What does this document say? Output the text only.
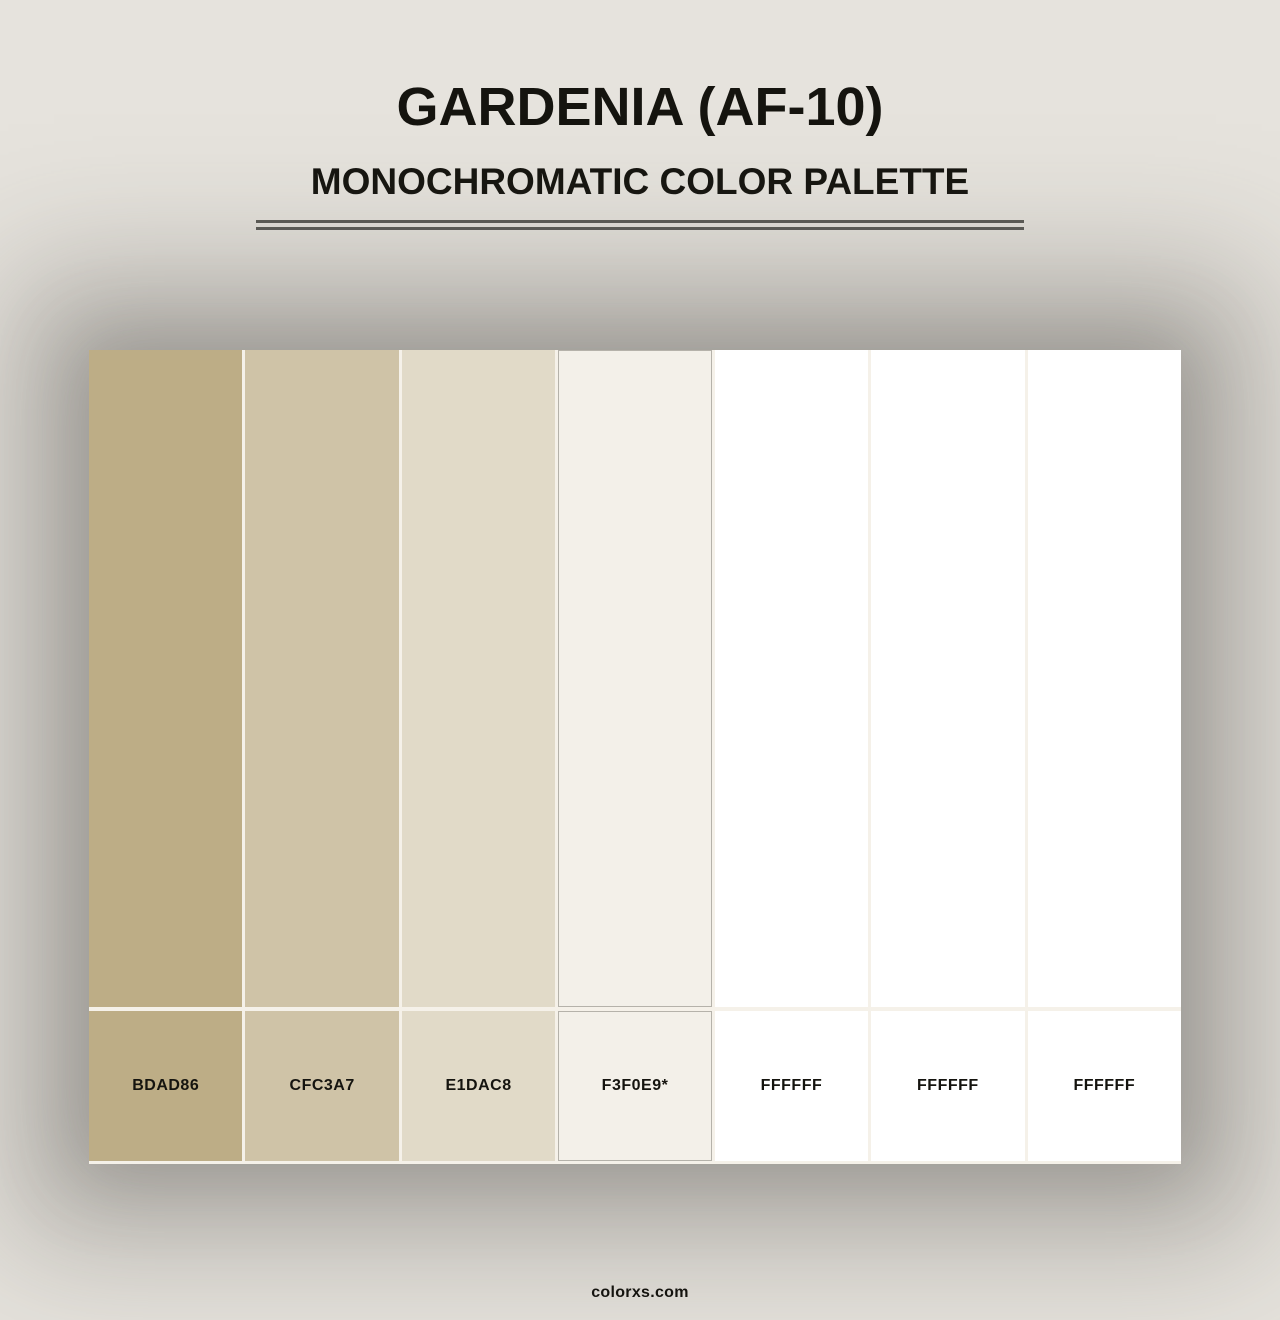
GARDENIA (AF-10)
MONOCHROMATIC COLOR PALETTE
BDAD86	CFC3A7	E1DAC8	F3F0E9*	FFFFFF	FFFFFF	FFFFFF
colorxs.com
